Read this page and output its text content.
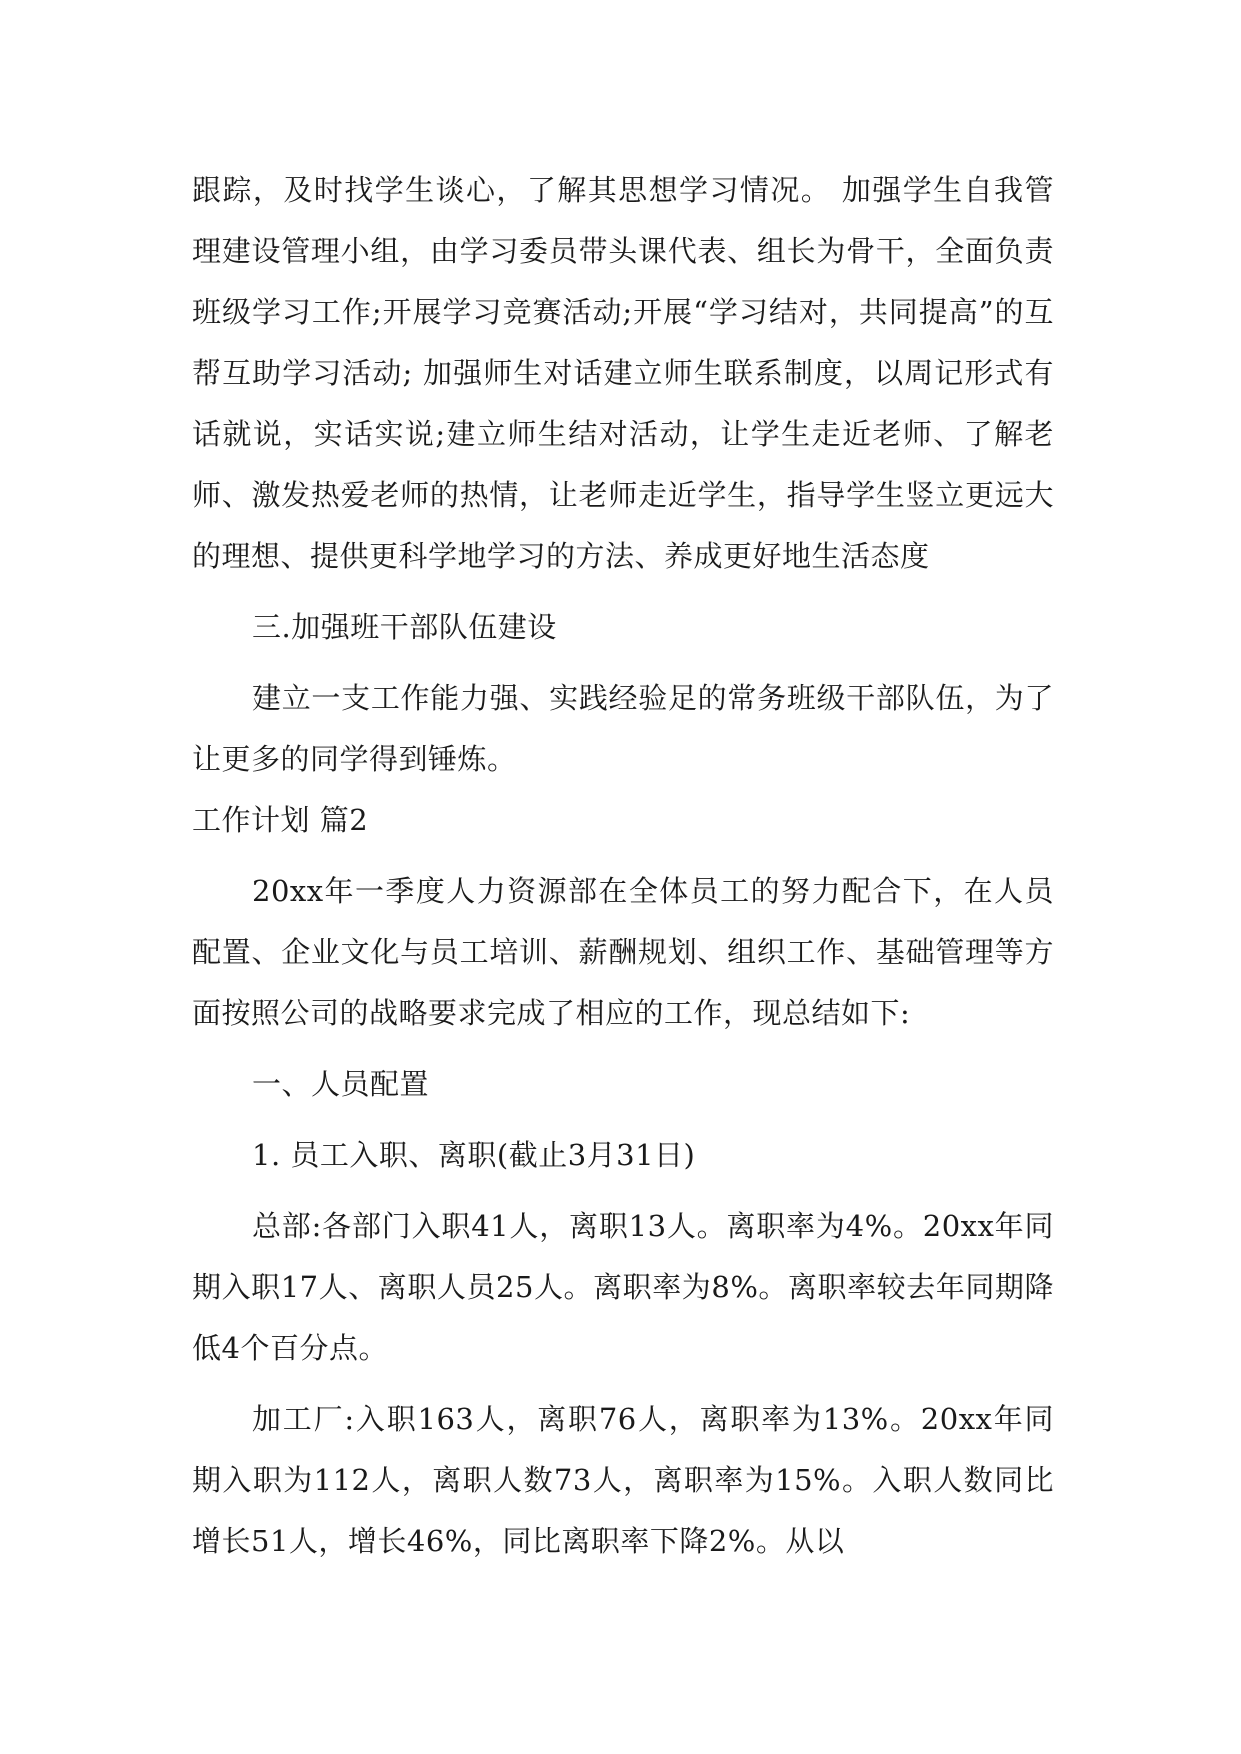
跟踪，及时找学生谈心，了解其思想学习情况。 加强学生自我管理建设管理小组，由学习委员带头课代表、组长为骨干，全面负责班级学习工作;开展学习竞赛活动;开展“学习结对，共同提高”的互帮互助学习活动; 加强师生对话建立师生联系制度，以周记形式有话就说，实话实说;建立师生结对活动，让学生走近老师、了解老师、激发热爱老师的热情，让老师走近学生，指导学生竖立更远大的理想、提供更科学地学习的方法、养成更好地生活态度

三.加强班干部队伍建设

建立一支工作能力强、实践经验足的常务班级干部队伍，为了让更多的同学得到锤炼。

工作计划 篇2

20xx年一季度人力资源部在全体员工的努力配合下，在人员配置、企业文化与员工培训、薪酬规划、组织工作、基础管理等方面按照公司的战略要求完成了相应的工作，现总结如下:

一、人员配置

1. 员工入职、离职(截止3月31日)

总部:各部门入职41人，离职13人。离职率为4%。20xx年同期入职17人、离职人员25人。离职率为8%。离职率较去年同期降低4个百分点。

加工厂:入职163人，离职76人，离职率为13%。20xx年同期入职为112人，离职人数73人，离职率为15%。入职人数同比增长51人，增长46%，同比离职率下降2%。从以
